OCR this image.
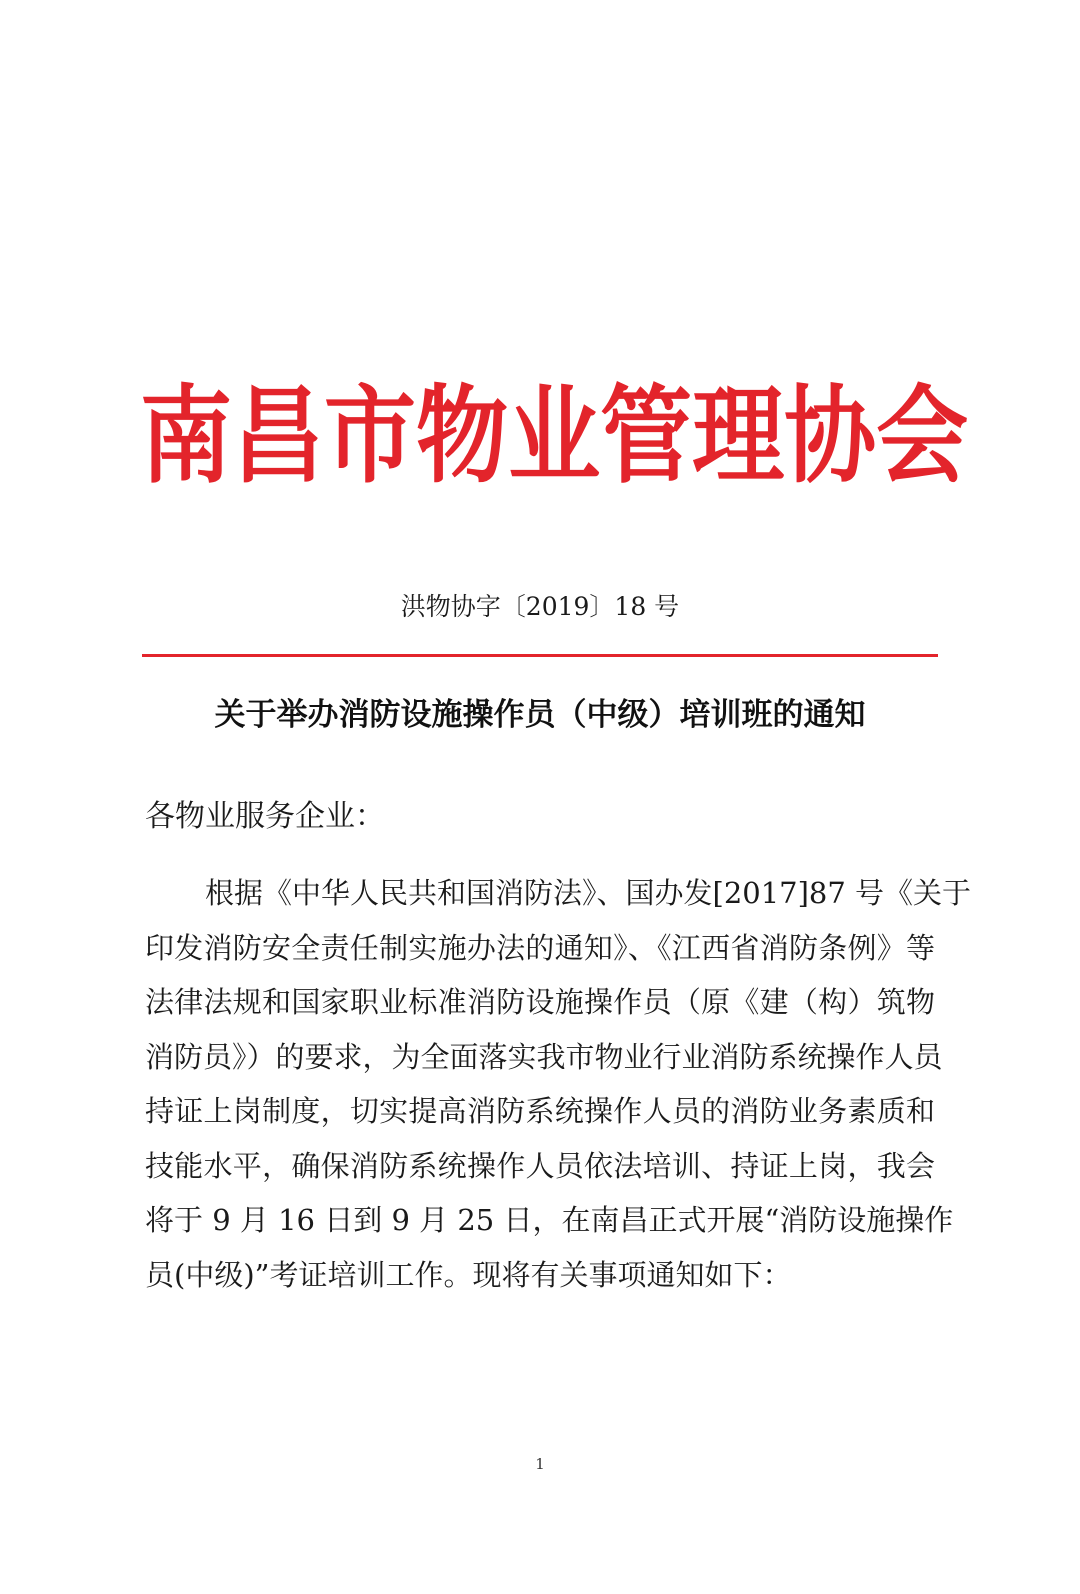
南 昌 市 物 业 管 理 协 会
洪物协字〔2019〕18 号
关于举办消防设施操作员（中级）培训班的通知
各物业服务企业：
根据《中华人民共和国消防法》、国办发[2017]87 号《关于
印发消防安全责任制实施办法的通知》、《江西省消防条例》等
法律法规和国家职业标准消防设施操作员（原《建（构）筑物
消防员》）的要求，为全面落实我市物业行业消防系统操作人员
持证上岗制度，切实提高消防系统操作人员的消防业务素质和
技能水平，确保消防系统操作人员依法培训、持证上岗，我会
将于 9 月 16 日到 9 月 25 日，在南昌正式开展“消防设施操作
员(中级)”考证培训工作。现将有关事项通知如下：
1
